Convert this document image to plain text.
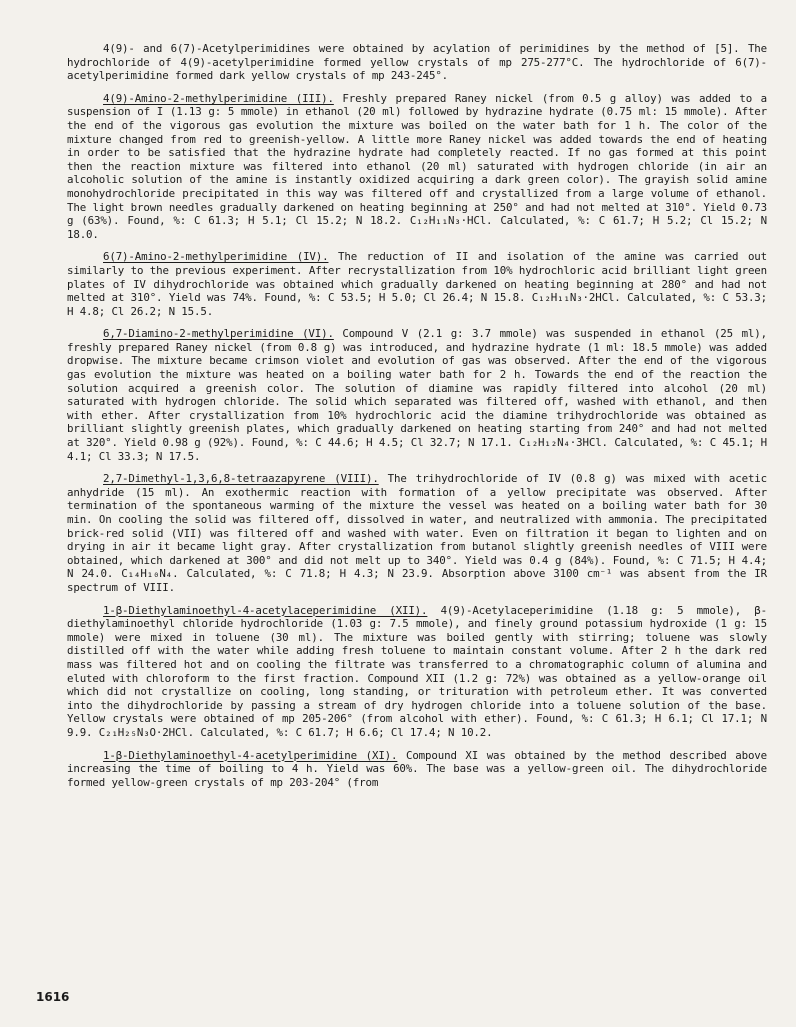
4(9)- and 6(7)-Acetylperimidines were obtained by acylation of perimidines by the method of [5]. The hydrochloride of 4(9)-acetylperimidine formed yellow crystals of mp 275-277°C. The hydrochloride of 6(7)-acetylperimidine formed dark yellow crystals of mp 243-245°.

4(9)-Amino-2-methylperimidine (III). Freshly prepared Raney nickel (from 0.5 g alloy) was added to a suspension of I (1.13 g: 5 mmole) in ethanol (20 ml) followed by hydrazine hydrate (0.75 ml: 15 mmole). After the end of the vigorous gas evolution the mixture was boiled on the water bath for 1 h. The color of the mixture changed from red to greenish-yellow. A little more Raney nickel was added towards the end of heating in order to be satisfied that the hydrazine hydrate had completely reacted. If no gas formed at this point then the reaction mixture was filtered into ethanol (20 ml) saturated with hydrogen chloride (in air an alcoholic solution of the amine is instantly oxidized acquiring a dark green color). The grayish solid amine monohydrochloride precipitated in this way was filtered off and crystallized from a large volume of ethanol. The light brown needles gradually darkened on heating beginning at 250° and had not melted at 310°. Yield 0.73 g (63%). Found, %: C 61.3; H 5.1; Cl 15.2; N 18.2. C₁₂H₁₁N₃·HCl. Calculated, %: C 61.7; H 5.2; Cl 15.2; N 18.0.

6(7)-Amino-2-methylperimidine (IV). The reduction of II and isolation of the amine was carried out similarly to the previous experiment. After recrystallization from 10% hydrochloric acid brilliant light green plates of IV dihydrochloride was obtained which gradually darkened on heating beginning at 280° and had not melted at 310°. Yield was 74%. Found, %: C 53.5; H 5.0; Cl 26.4; N 15.8. C₁₂H₁₁N₃·2HCl. Calculated, %: C 53.3; H 4.8; Cl 26.2; N 15.5.

6,7-Diamino-2-methylperimidine (VI). Compound V (2.1 g: 3.7 mmole) was suspended in ethanol (25 ml), freshly prepared Raney nickel (from 0.8 g) was introduced, and hydrazine hydrate (1 ml: 18.5 mmole) was added dropwise. The mixture became crimson violet and evolution of gas was observed. After the end of the vigorous gas evolution the mixture was heated on a boiling water bath for 2 h. Towards the end of the reaction the solution acquired a greenish color. The solution of diamine was rapidly filtered into alcohol (20 ml) saturated with hydrogen chloride. The solid which separated was filtered off, washed with ethanol, and then with ether. After crystallization from 10% hydrochloric acid the diamine trihydrochloride was obtained as brilliant slightly greenish plates, which gradually darkened on heating starting from 240° and had not melted at 320°. Yield 0.98 g (92%). Found, %: C 44.6; H 4.5; Cl 32.7; N 17.1. C₁₂H₁₂N₄·3HCl. Calculated, %: C 45.1; H 4.1; Cl 33.3; N 17.5.

2,7-Dimethyl-1,3,6,8-tetraazapyrene (VIII). The trihydrochloride of IV (0.8 g) was mixed with acetic anhydride (15 ml). An exothermic reaction with formation of a yellow precipitate was observed. After termination of the spontaneous warming of the mixture the vessel was heated on a boiling water bath for 30 min. On cooling the solid was filtered off, dissolved in water, and neutralized with ammonia. The precipitated brick-red solid (VII) was filtered off and washed with water. Even on filtration it began to lighten and on drying in air it became light gray. After crystallization from butanol slightly greenish needles of VIII were obtained, which darkened at 300° and did not melt up to 340°. Yield was 0.4 g (84%). Found, %: C 71.5; H 4.4; N 24.0. C₁₄H₁₀N₄. Calculated, %: C 71.8; H 4.3; N 23.9. Absorption above 3100 cm⁻¹ was absent from the IR spectrum of VIII.

1-β-Diethylaminoethyl-4-acetylaceperimidine (XII). 4(9)-Acetylaceperimidine (1.18 g: 5 mmole), β-diethylaminoethyl chloride hydrochloride (1.03 g: 7.5 mmole), and finely ground potassium hydroxide (1 g: 15 mmole) were mixed in toluene (30 ml). The mixture was boiled gently with stirring; toluene was slowly distilled off with the water while adding fresh toluene to maintain constant volume. After 2 h the dark red mass was filtered hot and on cooling the filtrate was transferred to a chromatographic column of alumina and eluted with chloroform to the first fraction. Compound XII (1.2 g: 72%) was obtained as a yellow-orange oil which did not crystallize on cooling, long standing, or trituration with petroleum ether. It was converted into the dihydrochloride by passing a stream of dry hydrogen chloride into a toluene solution of the base. Yellow crystals were obtained of mp 205-206° (from alcohol with ether). Found, %: C 61.3; H 6.1; Cl 17.1; N 9.9. C₂₁H₂₅N₃O·2HCl. Calculated, %: C 61.7; H 6.6; Cl 17.4; N 10.2.

1-β-Diethylaminoethyl-4-acetylperimidine (XI). Compound XI was obtained by the method described above increasing the time of boiling to 4 h. Yield was 60%. The base was a yellow-green oil. The dihydrochloride formed yellow-green crystals of mp 203-204° (from

1616
